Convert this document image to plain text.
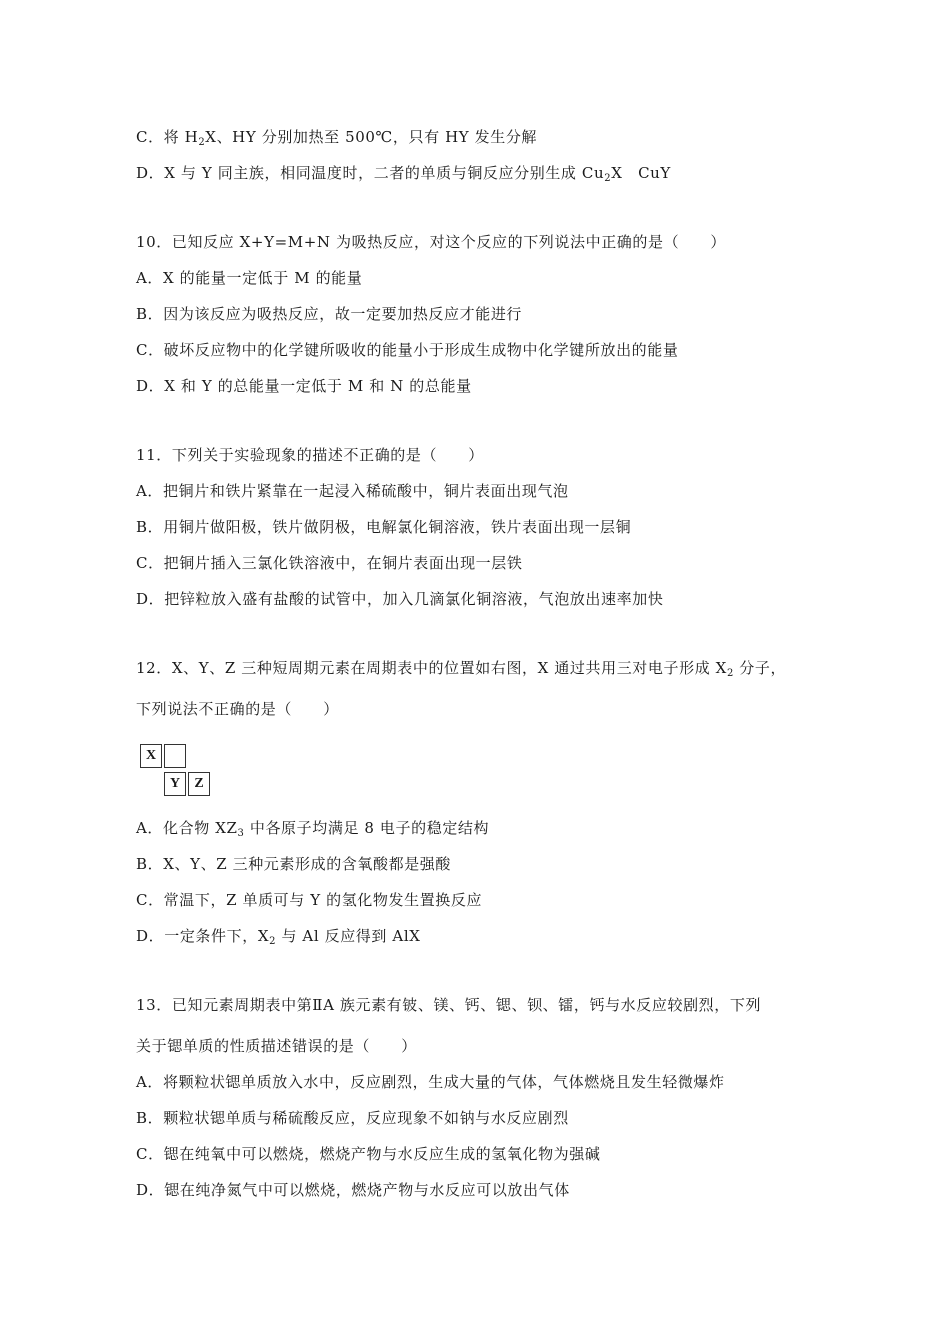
C．将 $H_2X$、HY 分别加热至 500℃，只有 HY 发生分解
D．X 与 Y 同主族，相同温度时，二者的单质与铜反应分别生成 $Cu_2X$　CuY
10．已知反应 X+Y=M+N 为吸热反应，对这个反应的下列说法中正确的是（　　）
A．X 的能量一定低于 M 的能量
B．因为该反应为吸热反应，故一定要加热反应才能进行
C．破坏反应物中的化学键所吸收的能量小于形成生成物中化学键所放出的能量
D．X 和 Y 的总能量一定低于 M 和 N 的总能量
11．下列关于实验现象的描述不正确的是（　　）
A．把铜片和铁片紧靠在一起浸入稀硫酸中，铜片表面出现气泡
B．用铜片做阳极，铁片做阴极，电解氯化铜溶液，铁片表面出现一层铜
C．把铜片插入三氯化铁溶液中，在铜片表面出现一层铁
D．把锌粒放入盛有盐酸的试管中，加入几滴氯化铜溶液，气泡放出速率加快
12．X、Y、Z 三种短周期元素在周期表中的位置如右图，X 通过共用三对电子形成 $X_2$ 分子，
下列说法不正确的是（　　）
X
Y	Z
A．化合物 $XZ_3$ 中各原子均满足 8 电子的稳定结构
B．X、Y、Z 三种元素形成的含氧酸都是强酸
C．常温下，Z 单质可与 Y 的氢化物发生置换反应
D．一定条件下，$X_2$ 与 Al 反应得到 AlX
13．已知元素周期表中第ⅡA 族元素有铍、镁、钙、锶、钡、镭，钙与水反应较剧烈，下列
关于锶单质的性质描述错误的是（　　）
A．将颗粒状锶单质放入水中，反应剧烈，生成大量的气体，气体燃烧且发生轻微爆炸
B．颗粒状锶单质与稀硫酸反应，反应现象不如钠与水反应剧烈
C．锶在纯氧中可以燃烧，燃烧产物与水反应生成的氢氧化物为强碱
D．锶在纯净氮气中可以燃烧，燃烧产物与水反应可以放出气体
